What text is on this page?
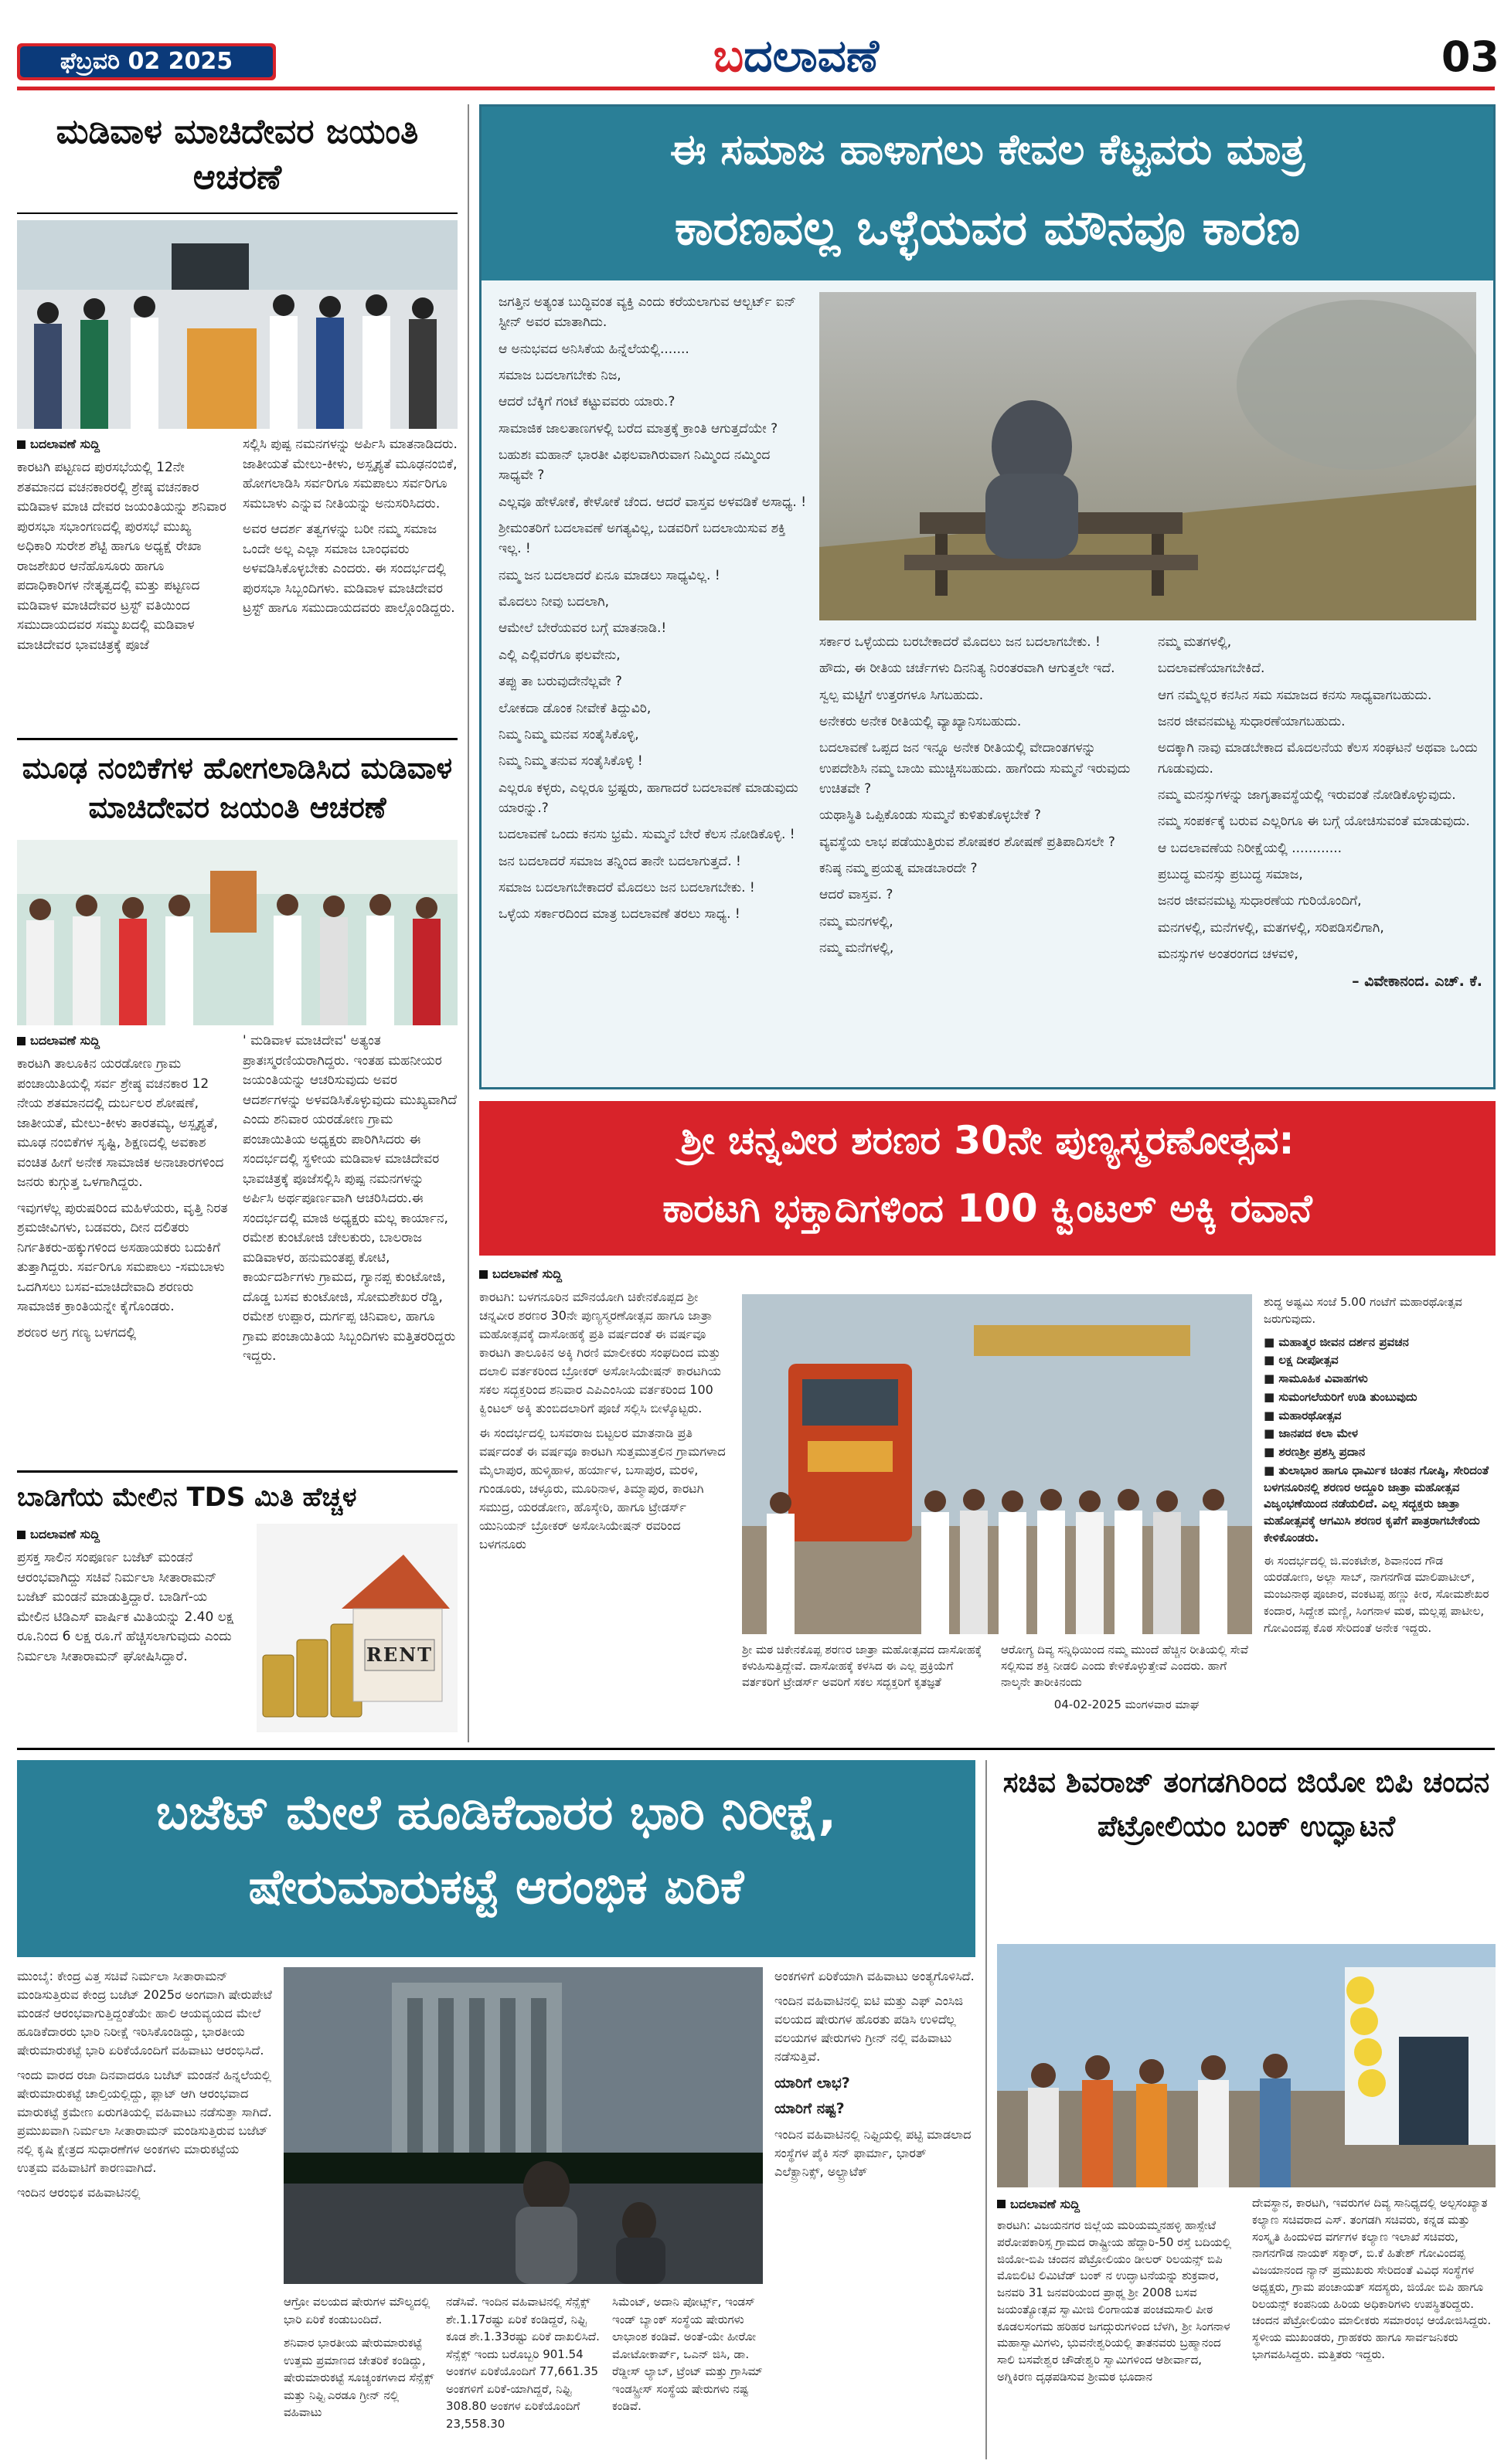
ಫೆಬ್ರವರಿ 02 2025	ಬದಲಾವಣೆ	03
ಮಡಿವಾಳ ಮಾಚಿದೇವರ ಜಯಂತಿ ಆಚರಣೆ
ಬದಲಾವಣೆ ಸುದ್ದಿ

ಕಾರಟಗಿ ಪಟ್ಟಣದ ಪುರಸಭೆಯಲ್ಲಿ 12ನೇ ಶತಮಾನದ ವಚನಕಾರರಲ್ಲಿ ಶ್ರೇಷ್ಠ ವಚನಕಾರ ಮಡಿವಾಳ ಮಾಚಿ ದೇವರ ಜಯಂತಿಯನ್ನು ಶನಿವಾರ ಪುರಸಭಾ ಸಭಾಂಗಣದಲ್ಲಿ ಪುರಸಭೆ ಮುಖ್ಯ ಅಧಿಕಾರಿ ಸುರೇಶ ಶೆಟ್ಟಿ ಹಾಗೂ ಅಧ್ಯಕ್ಷೆ ರೇಖಾ ರಾಜಶೇಖರ ಆನೆಹೊಸೂರು ಹಾಗೂ ಪದಾಧಿಕಾರಿಗಳ ನೇತೃತ್ವದಲ್ಲಿ ಮತ್ತು ಪಟ್ಟಣದ ಮಡಿವಾಳ ಮಾಚಿದೇವರ ಟ್ರಸ್ಟ್ ವತಿಯಿಂದ ಸಮುದಾಯದವರ ಸಮ್ಮುಖದಲ್ಲಿ ಮಡಿವಾಳ ಮಾಚಿದೇವರ ಭಾವಚಿತ್ರಕ್ಕೆ ಪೂಜೆ

ಸಲ್ಲಿಸಿ ಪುಷ್ಪ ನಮನಗಳನ್ನು ಅರ್ಪಿಸಿ ಮಾತನಾಡಿದರು. ಜಾತೀಯತೆ ಮೇಲು-ಕೀಳು, ಅಸ್ಪೃಶ್ಯತೆ ಮೂಢನಂಬಿಕೆ, ಹೋಗಲಾಡಿಸಿ ಸರ್ವರಿಗೂ ಸಮಪಾಲು ಸರ್ವರಿಗೂ ಸಮಬಾಳು ಎನ್ನುವ ನೀತಿಯನ್ನು ಅನುಸರಿಸಿದರು.

ಅವರ ಆದರ್ಶ ತತ್ವಗಳನ್ನು ಬರೀ ನಮ್ಮ ಸಮಾಜ ಒಂದೇ ಅಲ್ಲ ಎಲ್ಲಾ ಸಮಾಜ ಬಾಂಧವರು ಅಳವಡಿಸಿಕೊಳ್ಳಬೇಕು ಎಂದರು. ಈ ಸಂದರ್ಭದಲ್ಲಿ ಪುರಸಭಾ ಸಿಬ್ಬಂದಿಗಳು. ಮಡಿವಾಳ ಮಾಚಿದೇವರ ಟ್ರಸ್ಟ್ ಹಾಗೂ ಸಮುದಾಯದವರು ಪಾಲ್ಗೊಂಡಿದ್ದರು.

ಮೂಢ ನಂಬಿಕೆಗಳ ಹೋಗಲಾಡಿಸಿದ ಮಡಿವಾಳ ಮಾಚಿದೇವರ ಜಯಂತಿ ಆಚರಣೆ
ಬದಲಾವಣೆ ಸುದ್ದಿ

ಕಾರಟಗಿ ತಾಲೂಕಿನ ಯರಡೋಣ ಗ್ರಾಮ ಪಂಚಾಯಿತಿಯಲ್ಲಿ ಸರ್ವ ಶ್ರೇಷ್ಠ ವಚನಕಾರ 12 ನೇಯ ಶತಮಾನದಲ್ಲಿ ದುರ್ಬಲರ ಶೋಷಣೆ, ಜಾತೀಯತೆ, ಮೇಲು-ಕೀಳು ತಾರತಮ್ಯ, ಅಸ್ಪೃಶ್ಯತೆ, ಮೂಢ ನಂಬಿಕೆಗಳ ಸೃಷ್ಟಿ, ಶಿಕ್ಷಣದಲ್ಲಿ ಅವಕಾಶ ವಂಚಿತ ಹೀಗೆ ಅನೇಕ ಸಾಮಾಜಿಕ ಅನಾಚಾರಗಳಿಂದ ಜನರು ಕುಗ್ಗುತ್ತ ಒಳಗಾಗಿದ್ದರು.

ಇವುಗಳೆಲ್ಲ ಪುರುಷರಿಂದ ಮಹಿಳೆಯರು, ವೃತ್ತಿ ನಿರತ ಶ್ರಮಜೀವಿಗಳು, ಬಡವರು, ದೀನ ದಲಿತರು ನಿರ್ಗತಿಕರು-ಹಕ್ಕುಗಳಿಂದ ಅಸಹಾಯಕರು ಬದುಕಿಗೆ ತುತ್ತಾಗಿದ್ದರು. ಸರ್ವರಿಗೂ ಸಮಪಾಲು -ಸಮಬಾಳು ಒದಗಿಸಲು ಬಸವ-ಮಾಚಿದೇವಾದಿ ಶರಣರು ಸಾಮಾಜಿಕ ಕ್ರಾಂತಿಯನ್ನೇ ಕೈಗೊಂಡರು.

ಶರಣರ ಅಗ್ರ ಗಣ್ಯ ಬಳಗದಲ್ಲಿ

' ಮಡಿವಾಳ ಮಾಚಿದೇವ' ಅತ್ಯಂತ ಪ್ರಾತಃಸ್ಮರಣಿಯರಾಗಿದ್ದರು. ಇಂತಹ ಮಹನೀಯರ ಜಯಂತಿಯನ್ನು ಆಚರಿಸುವುದು ಅವರ ಆದರ್ಶಗಳನ್ನು ಅಳವಡಿಸಿಕೊಳ್ಳುವುದು ಮುಖ್ಯವಾಗಿದೆ ಎಂದು ಶನಿವಾರ ಯರಡೋಣ ಗ್ರಾಮ ಪಂಚಾಯಿತಿಯ ಅಧ್ಯಕ್ಷರು ಪಾರಿಗಿಸಿದರು ಈ ಸಂದರ್ಭದಲ್ಲಿ ಸ್ಥಳೀಯ ಮಡಿವಾಳ ಮಾಚಿದೇವರ ಭಾವಚಿತ್ರಕ್ಕೆ ಪೂಜೆಸಲ್ಲಿಸಿ ಪುಷ್ಪ ನಮನಗಳನ್ನು ಅರ್ಪಿಸಿ ಅರ್ಥಪೂರ್ಣವಾಗಿ ಆಚರಿಸಿದರು.ಈ ಸಂದರ್ಭದಲ್ಲಿ ಮಾಜಿ ಅಧ್ಯಕ್ಷರು ಮಲ್ಲ ಕಾರ್ಯಾನ, ರಮೇಶ ಕುಂಟೋಜಿ ಚೇಲಕುರು, ಬಾಲರಾಜ ಮಡಿವಾಳರ, ಹನುಮಂತಪ್ಪ ಕೋಟಿ, ಕಾರ್ಯದರ್ಶಿಗಳು ಗ್ರಾಮದ, ಗ್ಯಾನಪ್ಪ ಕುಂಟೋಜಿ, ದೊಡ್ಡ ಬಸವ ಕುಂಟೋಜಿ, ಸೋಮಶೇಖರ ರೆಡ್ಡಿ, ರಮೇಶ ಉಪ್ಪಾರ, ದುರ್ಗಪ್ಪ ಚಿನಿವಾಲ, ಹಾಗೂ ಗ್ರಾಮ ಪಂಚಾಯಿತಿಯ ಸಿಬ್ಬಂದಿಗಳು ಮತ್ತಿತರರಿದ್ದರು ಇದ್ದರು.

ಬಾಡಿಗೆಯ ಮೇಲಿನ TDS ಮಿತಿ ಹೆಚ್ಚಳ
ಬದಲಾವಣೆ ಸುದ್ದಿ

ಪ್ರಸಕ್ತ ಸಾಲಿನ ಸಂಪೂರ್ಣ ಬಜೆಟ್ ಮಂಡನೆ ಆರಂಭವಾಗಿದ್ದು ಸಚಿವೆ ನಿರ್ಮಲಾ ಸೀತಾರಾಮನ್ ಬಜೆಟ್ ಮಂಡನೆ ಮಾಡುತ್ತಿದ್ದಾರೆ. ಬಾಡಿಗೆ-ಯ ಮೇಲಿನ ಟಿಡಿಎಸ್ ವಾರ್ಷಿಕ ಮಿತಿಯನ್ನು 2.40 ಲಕ್ಷ ರೂ.ನಿಂದ 6 ಲಕ್ಷ ರೂ.ಗೆ ಹೆಚ್ಚಿಸಲಾಗುವುದು ಎಂದು ನಿರ್ಮಲಾ ಸೀತಾರಾಮನ್ ಘೋಷಿಸಿದ್ದಾರೆ.	RENT
ಈ ಸಮಾಜ ಹಾಳಾಗಲು ಕೇವಲ ಕೆಟ್ಟವರು ಮಾತ್ರ
ಕಾರಣವಲ್ಲ ಒಳ್ಳೆಯವರ ಮೌನವೂ ಕಾರಣ

ಜಗತ್ತಿನ ಅತ್ಯಂತ ಬುದ್ಧಿವಂತ ವ್ಯಕ್ತಿ ಎಂದು ಕರೆಯಲಾಗುವ ಆಲ್ಬರ್ಟ್ ಐನ್ ಸ್ಟೀನ್ ಅವರ ಮಾತಾಗಿದು.

ಆ ಅನುಭವದ ಅನಿಸಿಕೆಯ ಹಿನ್ನೆಲೆಯಲ್ಲಿ.......

ಸಮಾಜ ಬದಲಾಗಬೇಕು ನಿಜ,

ಆದರೆ ಬೆಕ್ಕಿಗೆ ಗಂಟೆ ಕಟ್ಟುವವರು ಯಾರು.?

ಸಾಮಾಜಿಕ ಜಾಲತಾಣಗಳಲ್ಲಿ ಬರೆದ ಮಾತ್ರಕ್ಕೆ ಕ್ರಾಂತಿ ಆಗುತ್ತದೆಯೇ ?

ಬಹುಶಃ ಮಹಾನ್ ಭಾರತೀ ವಿಫಲವಾಗಿರುವಾಗ ನಿಮ್ಮಿಂದ ನಮ್ಮಿಂದ ಸಾಧ್ಯವೇ ?

ಎಲ್ಲವೂ ಹೇಳೋಕೆ, ಕೇಳೋಕೆ ಚೆಂದ. ಆದರೆ ವಾಸ್ತವ ಅಳವಡಿಕೆ ಅಸಾಧ್ಯ. !

ಶ್ರೀಮಂತರಿಗೆ ಬದಲಾವಣೆ ಅಗತ್ಯವಿಲ್ಲ, ಬಡವರಿಗೆ ಬದಲಾಯಿಸುವ ಶಕ್ತಿ ಇಲ್ಲ. !

ನಮ್ಮ ಜನ ಬದಲಾದರೆ ಏನೂ ಮಾಡಲು ಸಾಧ್ಯವಿಲ್ಲ. !

ಮೊದಲು ನೀವು ಬದಲಾಗಿ,

ಆಮೇಲೆ ಬೇರೆಯವರ ಬಗ್ಗೆ ಮಾತನಾಡಿ.!

ಎಲ್ಲಿ ಎಲ್ಲಿವರೆಗೂ ಫಲವೇನು,

ತಪ್ಪು ತಾ ಬರುವುದೇನೆಲ್ಲವೇ ?

ಲೋಕದಾ ಡೊಂಕ ನೀವೇಕೆ ತಿದ್ದುವಿರಿ,

ನಿಮ್ಮ ನಿಮ್ಮ ಮನವ ಸಂತೈಸಿಕೊಳ್ಳಿ,

ನಿಮ್ಮ ನಿಮ್ಮ ತನುವ ಸಂತೈಸಿಕೊಳ್ಳಿ !

ಎಲ್ಲರೂ ಕಳ್ಳರು, ಎಲ್ಲರೂ ಭ್ರಷ್ಟರು, ಹಾಗಾದರೆ ಬದಲಾವಣೆ ಮಾಡುವುದು ಯಾರನ್ನು.?

ಬದಲಾವಣೆ ಒಂದು ಕನಸು ಭ್ರಮೆ. ಸುಮ್ಮನೆ ಬೇರೆ ಕೆಲಸ ನೋಡಿಕೊಳ್ಳಿ. !

ಜನ ಬದಲಾದರೆ ಸಮಾಜ ತನ್ನಿಂದ ತಾನೇ ಬದಲಾಗುತ್ತದೆ. !

ಸಮಾಜ ಬದಲಾಗಬೇಕಾದರೆ ಮೊದಲು ಜನ ಬದಲಾಗಬೇಕು. !

ಒಳ್ಳೆಯ ಸರ್ಕಾರದಿಂದ ಮಾತ್ರ ಬದಲಾವಣೆ ತರಲು ಸಾಧ್ಯ. !

ಸರ್ಕಾರ ಒಳ್ಳೆಯದು ಬರಬೇಕಾದರೆ ಮೊದಲು ಜನ ಬದಲಾಗಬೇಕು. !

ಹೌದು, ಈ ರೀತಿಯ ಚರ್ಚೆಗಳು ದಿನನಿತ್ಯ ನಿರಂತರವಾಗಿ ಆಗುತ್ತಲೇ ಇದೆ.

ಸ್ವಲ್ಪ ಮಟ್ಟಿಗೆ ಉತ್ತರಗಳೂ ಸಿಗಬಹುದು.

ಅನೇಕರು ಅನೇಕ ರೀತಿಯಲ್ಲಿ ವ್ಯಾಖ್ಯಾನಿಸಬಹುದು.

ಬದಲಾವಣೆ ಒಪ್ಪದ ಜನ ಇನ್ನೂ ಅನೇಕ ರೀತಿಯಲ್ಲಿ ವೇದಾಂತಗಳನ್ನು ಉಪದೇಶಿಸಿ ನಮ್ಮ ಬಾಯಿ ಮುಚ್ಚಿಸಬಹುದು. ಹಾಗೆಂದು ಸುಮ್ಮನೆ ಇರುವುದು ಉಚಿತವೇ ?

ಯಥಾಸ್ಥಿತಿ ಒಪ್ಪಿಕೊಂಡು ಸುಮ್ಮನೆ ಕುಳಿತುಕೊಳ್ಳಬೇಕೆ ?

ವ್ಯವಸ್ಥೆಯ ಲಾಭ ಪಡೆಯುತ್ತಿರುವ ಶೋಷಕರ ಶೋಷಣೆ ಪ್ರತಿಪಾದಿಸಲೇ ?

ಕನಿಷ್ಠ ನಮ್ಮ ಪ್ರಯತ್ನ ಮಾಡಬಾರದೇ ?

ಆದರೆ ವಾಸ್ತವ. ?

ನಮ್ಮ ಮನಗಳಲ್ಲಿ,

ನಮ್ಮ ಮನೆಗಳಲ್ಲಿ,

ನಮ್ಮ ಮತಗಳಲ್ಲಿ,

ಬದಲಾವಣೆಯಾಗಬೇಕಿದೆ.

ಆಗ ನಮ್ಮೆಲ್ಲರ ಕನಸಿನ ಸಮ ಸಮಾಜದ ಕನಸು ಸಾಧ್ಯವಾಗಬಹುದು.

ಜನರ ಜೀವನಮಟ್ಟ ಸುಧಾರಣೆಯಾಗಬಹುದು.

ಅದಕ್ಕಾಗಿ ನಾವು ಮಾಡಬೇಕಾದ ಮೊದಲನೆಯ ಕೆಲಸ ಸಂಘಟನೆ ಅಥವಾ ಒಂದು ಗೂಡುವುದು.

ನಮ್ಮ ಮನಸ್ಸುಗಳನ್ನು ಜಾಗೃತಾವಸ್ಥೆಯಲ್ಲಿ ಇರುವಂತೆ ನೋಡಿಕೊಳ್ಳುವುದು.

ನಮ್ಮ ಸಂಪರ್ಕಕ್ಕೆ ಬರುವ ಎಲ್ಲರಿಗೂ ಈ ಬಗ್ಗೆ ಯೋಚಿಸುವಂತೆ ಮಾಡುವುದು.

ಆ ಬದಲಾವಣೆಯ ನಿರೀಕ್ಷೆಯಲ್ಲಿ ............

ಪ್ರಬುದ್ಧ ಮನಸ್ಸು ಪ್ರಬುದ್ಧ ಸಮಾಜ,

ಜನರ ಜೀವನಮಟ್ಟ ಸುಧಾರಣೆಯ ಗುರಿಯೊಂದಿಗೆ,

ಮನಗಳಲ್ಲಿ, ಮನೆಗಳಲ್ಲಿ, ಮತಗಳಲ್ಲಿ, ಸರಿಪಡಿಸಲಿಗಾಗಿ,

ಮನಸ್ಸುಗಳ ಅಂತರಂಗದ ಚಳವಳಿ,

– ವಿವೇಕಾನಂದ. ಎಚ್. ಕೆ.

ಶ್ರೀ ಚನ್ನವೀರ ಶರಣರ 30ನೇ ಪುಣ್ಯಸ್ಮರಣೋತ್ಸವ:
ಕಾರಟಗಿ ಭಕ್ತಾದಿಗಳಿಂದ 100 ಕ್ವಿಂಟಲ್ ಅಕ್ಕಿ ರವಾನೆ
ಬದಲಾವಣೆ ಸುದ್ದಿ

ಕಾರಟಗಿ: ಬಳಗನೂರಿನ ಮೌನಯೋಗಿ ಚಿಕೇನಕೊಪ್ಪದ ಶ್ರೀ ಚನ್ನವೀರ ಶರಣರ 30ನೇ ಪುಣ್ಯಸ್ಮರಣೋತ್ಸವ ಹಾಗೂ ಜಾತ್ರಾ ಮಹೋತ್ಸವಕ್ಕೆ ದಾಸೋಹಕ್ಕೆ ಪ್ರತಿ ವರ್ಷದಂತೆ ಈ ವರ್ಷವೂ ಕಾರಟಗಿ ತಾಲೂಕಿನ ಅಕ್ಕಿ ಗಿರಣಿ ಮಾಲೀಕರು ಸಂಘದಿಂದ ಮತ್ತು ದಲಾಲಿ ವರ್ತಕರಿಂದ ಬ್ರೋಕರ್ ಅಸೋಸಿಯೇಷನ್ ಕಾರಟಗಿಯ ಸಕಲ ಸದ್ಭಕ್ತರಿಂದ ಶನಿವಾರ ಎಪಿಎಂಸಿಯ ವರ್ತಕರಿಂದ 100 ಕ್ವಿಂಟಲ್ ಅಕ್ಕಿ ತುಂಬಿದಲಾರಿಗೆ ಪೂಜೆ ಸಲ್ಲಿಸಿ ಬೀಳ್ಕೊಟ್ಟರು.

ಈ ಸಂದರ್ಭದಲ್ಲಿ ಬಸವರಾಜ ಬಿಟ್ಟಲರ ಮಾತನಾಡಿ ಪ್ರತಿ ವರ್ಷದಂತೆ ಈ ವರ್ಷವೂ ಕಾರಟಗಿ ಸುತ್ತಮುತ್ತಲಿನ ಗ್ರಾಮಗಳಾದ ಮೈಲಾಪುರ, ಹುಳ್ಕಿಹಾಳ, ಹರ್ಯಾಳ, ಬಸಾಪುರ, ಮರಳಿ, ಗುಂಡೂರು, ಚಳ್ಳೂರು, ಮೂರಿನಾಳ, ತಿಮ್ಮಾಪುರ, ಕಾರಟಗಿ ಸಮುದ್ರ, ಯರಡೋಣ, ಹೊಸ್ಕೇರಿ, ಹಾಗೂ ಟ್ರೇಡರ್ಸ್ ಯುನಿಯನ್ ಬ್ರೋಕರ್ ಅಸೋಸಿಯೇಷನ್ ರವರಿಂದ ಬಳಗನೂರು

ಶ್ರೀ ಮಠ ಚಿಕೇನಕೊಪ್ಪ ಶರಣರ ಜಾತ್ರಾ ಮಹೋತ್ಸವದ ದಾಸೋಹಕ್ಕೆ ಕಳುಹಿಸುತ್ತಿದ್ದೇವೆ. ದಾಸೋಹಕ್ಕೆ ಕಳಸಿದ ಈ ಎಲ್ಲ ಪ್ರಕ್ರಿಯೆಗೆ ವರ್ತಕರಿಗೆ ಟ್ರೇಡರ್ಸ್ ಅವರಿಗೆ ಸಕಲ ಸದ್ಭಕ್ತರಿಗೆ ಕೃತಜ್ಞತೆ

ಆರೋಗ್ಯ ದಿವ್ಯ ಸನ್ನಿಧಿಯಿಂದ ನಮ್ಮ ಮುಂದೆ ಹೆಚ್ಚಿನ ರೀತಿಯಲ್ಲಿ ಸೇವೆ ಸಲ್ಲಿಸುವ ಶಕ್ತಿ ನೀಡಲಿ ಎಂದು ಕೇಳಿಕೊಳ್ಳುತ್ತೇವೆ ಎಂದರು. ಹಾಗೆ ನಾಲ್ಕನೇ ತಾರೀಕಿನಂದು

04-02-2025 ಮಂಗಳವಾರ ಮಾಘ

ಶುದ್ಧ ಅಷ್ಟಮಿ ಸಂಜೆ 5.00 ಗಂಟೆಗೆ ಮಹಾರಥೋತ್ಸವ ಜರುಗುವುದು.

■ ಮಹಾತ್ಮರ ಜೀವನ ದರ್ಶನ ಪ್ರವಚನ

■ ಲಕ್ಷ ದೀಪೋತ್ಸವ

■ ಸಾಮೂಹಿಕ ವಿವಾಹಗಳು

■ ಸುಮಂಗಲೆಯರಿಗೆ ಉಡಿ ತುಂಬುವುದು

■ ಮಹಾರಥೋತ್ಸವ

■ ಜಾನಪದ ಕಲಾ ಮೇಳ

■ ಶರಣಶ್ರೀ ಪ್ರಶಸ್ತಿ ಪ್ರದಾನ

■ ತುಲಾಭಾರ ಹಾಗೂ ಧಾರ್ಮಿಕ ಚಿಂತನ ಗೋಷ್ಠಿ, ಸೇರಿದಂತೆ ಬಳಗನೂರಿನಲ್ಲಿ ಶರಣರ ಅದ್ದೂರಿ ಜಾತ್ರಾ ಮಹೋತ್ಸವ ವಿಜೃಂಭಣೆಯಿಂದ ನಡೆಯಲಿದೆ. ಎಲ್ಲ ಸದ್ಭಕ್ತರು ಜಾತ್ರಾ ಮಹೋತ್ಸವಕ್ಕೆ ಆಗಮಿಸಿ ಶರಣರ ಕೃಪೆಗೆ ಪಾತ್ರರಾಗಬೇಕೆಂದು ಕೇಳಿಕೊಂಡರು.

ಈ ಸಂದರ್ಭದಲ್ಲಿ ಜಿ.ವಂಕಟೇಶ, ಶಿವಾನಂದ ಗೌಡ ಯರಡೋಣ, ಅಲ್ಲಾ ಸಾಬ್, ನಾಗನಗೌಡ ಮಾಲಿಪಾಟೀಲ್, ಮಂಜುನಾಥ ಪೂಜಾರ, ವಂಕಟಪ್ಪ ಹಣ್ಣು ಕೀರ, ಸೋಮಶೇಖರ ಕಂದಾರ, ಸಿದ್ದೇಶ ಮಣ್ಣಿ, ಸಿಂಗನಾಳ ಮಠ, ಮಲ್ಲಪ್ಪ ಪಾಟೀಲ, ಗೋವಿಂದಪ್ಪ ಕೊಠ ಸೇರಿದಂತೆ ಅನೇಕ ಇದ್ದರು.

ಬಜೆಟ್ ಮೇಲೆ ಹೂಡಿಕೆದಾರರ ಭಾರಿ ನಿರೀಕ್ಷೆ, ಷೇರುಮಾರುಕಟ್ಟೆ ಆರಂಭಿಕ ಏರಿಕೆ

ಮುಂಬೈ: ಕೇಂದ್ರ ವಿತ್ತ ಸಚಿವೆ ನಿರ್ಮಲಾ ಸೀತಾರಾಮನ್ ಮಂಡಿಸುತ್ತಿರುವ ಕೇಂದ್ರ ಬಜೆಟ್ 2025ರ ಅಂಗವಾಗಿ ಷೇರುಪೇಟೆ ಮಂಡನೆ ಆರಂಭವಾಗುತ್ತಿದ್ದಂತೆಯೇ ಹಾಲಿ ಆಯವ್ಯಯದ ಮೇಲೆ ಹೂಡಿಕೆದಾರರು ಭಾರಿ ನಿರೀಕ್ಷೆ ಇರಿಸಿಕೊಂಡಿದ್ದು, ಭಾರತೀಯ ಷೇರುಮಾರುಕಟ್ಟೆ ಭಾರಿ ಏರಿಕೆಯೊಂದಿಗೆ ವಹಿವಾಟು ಆರಂಭಿಸಿದೆ.

ಇಂದು ವಾರದ ರಜಾ ದಿನವಾದರೂ ಬಜೆಟ್ ಮಂಡನೆ ಹಿನ್ನಲೆಯಲ್ಲಿ ಷೇರುಮಾರುಕಟ್ಟೆ ಚಾಲ್ತಿಯಲ್ಲಿದ್ದು, ಫ್ಲಾಟ್ ಆಗಿ ಆರಂಭವಾದ ಮಾರುಕಟ್ಟೆ ಕ್ರಮೇಣ ಏರುಗತಿಯಲ್ಲಿ ವಹಿವಾಟು ನಡೆಸುತ್ತಾ ಸಾಗಿದೆ. ಪ್ರಮುಖವಾಗಿ ನಿರ್ಮಲಾ ಸೀತಾರಾಮನ್ ಮಂಡಿಸುತ್ತಿರುವ ಬಜೆಟ್ ನಲ್ಲಿ ಕೃಷಿ ಕ್ಷೇತ್ರದ ಸುಧಾರಣೆಗಳ ಅಂಕಗಳು ಮಾರುಕಟ್ಟೆಯ ಉತ್ತಮ ವಹಿವಾಟಿಗೆ ಕಾರಣವಾಗಿದೆ.

ಇಂದಿನ ಆರಂಭಿಕ ವಹಿವಾಟಿನಲ್ಲಿ

ಆಗ್ರೋ ವಲಯದ ಷೇರುಗಳ ಮೌಲ್ಯದಲ್ಲಿ ಭಾರಿ ಏರಿಕೆ ಕಂಡುಬಂದಿದೆ.

ಶನಿವಾರ ಭಾರತೀಯ ಷೇರುಮಾರುಕಟ್ಟೆ ಉತ್ತಮ ಪ್ರಮಾಣದ ಚೇತರಿಕೆ ಕಂಡಿದ್ದು, ಷೇರುಮಾರುಕಟ್ಟೆ ಸೂಚ್ಯಂಕಗಳಾದ ಸೆನ್ಸೆಕ್ಸ್ ಮತ್ತು ನಿಫ್ಟಿ ಎರಡೂ ಗ್ರೀನ್ ನಲ್ಲಿ ವಹಿವಾಟು

ನಡೆಸಿವೆ. ಇಂದಿನ ವಹಿವಾಟಿನಲ್ಲಿ ಸೆನ್ಸೆಕ್ಸ್ ಶೇ.1.17ರಷ್ಟು ಏರಿಕೆ ಕಂಡಿದ್ದರೆ, ನಿಫ್ಟಿ ಕೂಡ ಶೇ.1.33ರಷ್ಟು ಏರಿಕೆ ದಾಖಲಿಸಿದೆ. ಸೆನ್ಸೆಕ್ಸ್ ಇಂದು ಬರೊಬ್ಬರಿ 901.54 ಅಂಕಗಳ ಏರಿಕೆಯೊಂದಿಗೆ 77,661.35 ಅಂಕಗಳಿಗೆ ಏರಿಕೆ-ಯಾಗಿದ್ದರೆ, ನಿಫ್ಟಿ 308.80 ಅಂಕಗಳ ಏರಿಕೆಯೊಂದಿಗೆ 23,558.30

ಸಿಮೆಂಟ್, ಅದಾನಿ ಪೋರ್ಟ್ಸ್, ಇಂಡಸ್ ಇಂಡ್ ಬ್ಯಾಂಕ್ ಸಂಸ್ಥೆಯ ಷೇರುಗಳು ಲಾಭಾಂಶ ಕಂಡಿವೆ. ಅಂತೆ-ಯೇ ಹೀರೋ ಮೋಟೋಕಾರ್ಪ್, ಒಎನ್ ಜಿಸಿ, ಡಾ. ರೆಡ್ಡೀಸ್ ಲ್ಯಾಬ್, ಟ್ರೆಂಟ್ ಮತ್ತು ಗ್ರಾಸಿಮ್ ಇಂಡಸ್ಟ್ರೀಸ್ ಸಂಸ್ಥೆಯ ಷೇರುಗಳು ನಷ್ಟ ಕಂಡಿವೆ.

ಅಂಕಗಳಿಗೆ ಏರಿಕೆಯಾಗಿ ವಹಿವಾಟು ಅಂತ್ಯಗೊಳಿಸಿದೆ.

ಇಂದಿನ ವಹಿವಾಟಿನಲ್ಲಿ ಐಟಿ ಮತ್ತು ಎಫ್ ಎಂಸಿಜಿ ವಲಯದ ಷೇರುಗಳ ಹೊರತು ಪಡಿಸಿ ಉಳಿದೆಲ್ಲ ವಲಯಗಳ ಷೇರುಗಳು ಗ್ರೀನ್ ನಲ್ಲಿ ವಹಿವಾಟು ನಡೆಸುತ್ತಿವೆ.

ಯಾರಿಗೆ ಲಾಭ?

ಯಾರಿಗೆ ನಷ್ಟ?

ಇಂದಿನ ವಹಿವಾಟಿನಲ್ಲಿ ನಿಫ್ಟಿಯಲ್ಲಿ ಪಟ್ಟಿ ಮಾಡಲಾದ ಸಂಸ್ಥೆಗಳ ಪೈಕಿ ಸನ್ ಫಾರ್ಮಾ, ಭಾರತ್ ಎಲೆಕ್ಟ್ರಾನಿಕ್ಸ್, ಅಲ್ಟ್ರಾಟೆಕ್

ಸಚಿವ ಶಿವರಾಜ್ ತಂಗಡಗಿರಿಂದ ಜಿಯೋ ಬಿಪಿ ಚಂದನ ಪೆಟ್ರೋಲಿಯಂ ಬಂಕ್ ಉದ್ಘಾಟನೆ
ಬದಲಾವಣೆ ಸುದ್ದಿ

ಕಾರಟಗಿ: ವಿಜಯನಗರ ಜಿಲ್ಲೆಯ ಮರಿಯಮ್ಮನಹಳ್ಳಿ ಹಾಸ್ಪೇಟೆ ಪರೋಪಕಾರಿಸ್ಸ ಗ್ರಾಮದ ರಾಷ್ಟ್ರೀಯ ಹೆದ್ದಾರಿ-50 ರಸ್ತೆ ಬದಿಯಲ್ಲಿ ಜಿಯೋ-ಬಿಪಿ ಚಂದನ ಪೆಟ್ರೋಲಿಯಂ ಡೀಲರ್ ರಿಲಯನ್ಸ್ ಬಿಪಿ ಮೊಬಿಲಿಟಿ ಲಿಮಿಟೆಡ್ ಬಂಕ್ ನ ಉದ್ಘಾಟನೆಯನ್ನು ಶುಕ್ರವಾರ, ಜನವರಿ 31 ಜನವರಿಯಂದ ಪ್ರಾಥ್ಮ ಶ್ರೀ 2008 ಬಸವ ಜಯಂತ್ಯೋತ್ಸವ ಸ್ವಾಮೀಜಿ ಲಿಂಗಾಯತ ಪಂಚಮಸಾಲಿ ಪೀಠ ಕೂಡಲಸಂಗಮ ಹರಿಹರ ಜಗದ್ಗುರುಗಳಿಂದ ಬೆಳಗಿ, ಶ್ರೀ ಸಿಂಗನಾಳ ಮಹಾಸ್ವಾಮಿಗಳು, ಭುವನೇಶ್ವರಿಯಲ್ಲಿ ತಾತನವರು ಬ್ರಹ್ಮಾನಂದ ಸಾಲಿ ಬಸವೇಶ್ವರ ಚೌಡೇಶ್ವರಿ ಸ್ವಾಮಿಗಳಿಂದ ಆಶೀರ್ವಾದ, ಅಗ್ನಿಕಿರಣ ದೃಢಪಡಿಸುವ ಶ್ರೀಮಠ ಭೂದಾನ

ದೇವಸ್ಥಾನ, ಕಾರಟಗಿ, ಇವರುಗಳ ದಿವ್ಯ ಸಾನಿಧ್ಯದಲ್ಲಿ ಅಲ್ಪಸಂಖ್ಯಾತ ಕಲ್ಯಾಣ ಸಚಿವರಾದ ಎಸ್. ತಂಗಡಗಿ ಸಚಿವರು, ಕನ್ನಡ ಮತ್ತು ಸಂಸ್ಕೃತಿ ಹಿಂದುಳಿದ ವರ್ಗಗಳ ಕಲ್ಯಾಣ ಇಲಾಖೆ ಸಚಿವರು, ನಾಗನಗೌಡ ನಾಯಕ್ ಸಕ್ಕಾರ್, ಬಿ.ಕೆ ಹಿತೇಶ್ ಗೋವಿಂದಪ್ಪ ವಿಜಯಾನಂದ ನ್ಯಾನ್ ಪ್ರಮುಖರು ಸೇರಿದಂತೆ ವಿವಿಧ ಸಂಸ್ಥೆಗಳ ಅಧ್ಯಕ್ಷರು, ಗ್ರಾಮ ಪಂಚಾಯತ್ ಸದಸ್ಯರು, ಜಿಯೋ ಬಿಪಿ ಹಾಗೂ ರಿಲಯನ್ಸ್ ಕಂಪನಿಯ ಹಿರಿಯ ಅಧಿಕಾರಿಗಳು ಉಪಸ್ಥಿತರಿದ್ದರು. ಚಂದನ ಪೆಟ್ರೋಲಿಯಂ ಮಾಲೀಕರು ಸಮಾರಂಭ ಆಯೋಜಿಸಿದ್ದರು. ಸ್ಥಳೀಯ ಮುಖಂಡರು, ಗ್ರಾಹಕರು ಹಾಗೂ ಸಾರ್ವಜನಿಕರು ಭಾಗವಹಿಸಿದ್ದರು. ಮತ್ತಿತರು ಇದ್ದರು.
